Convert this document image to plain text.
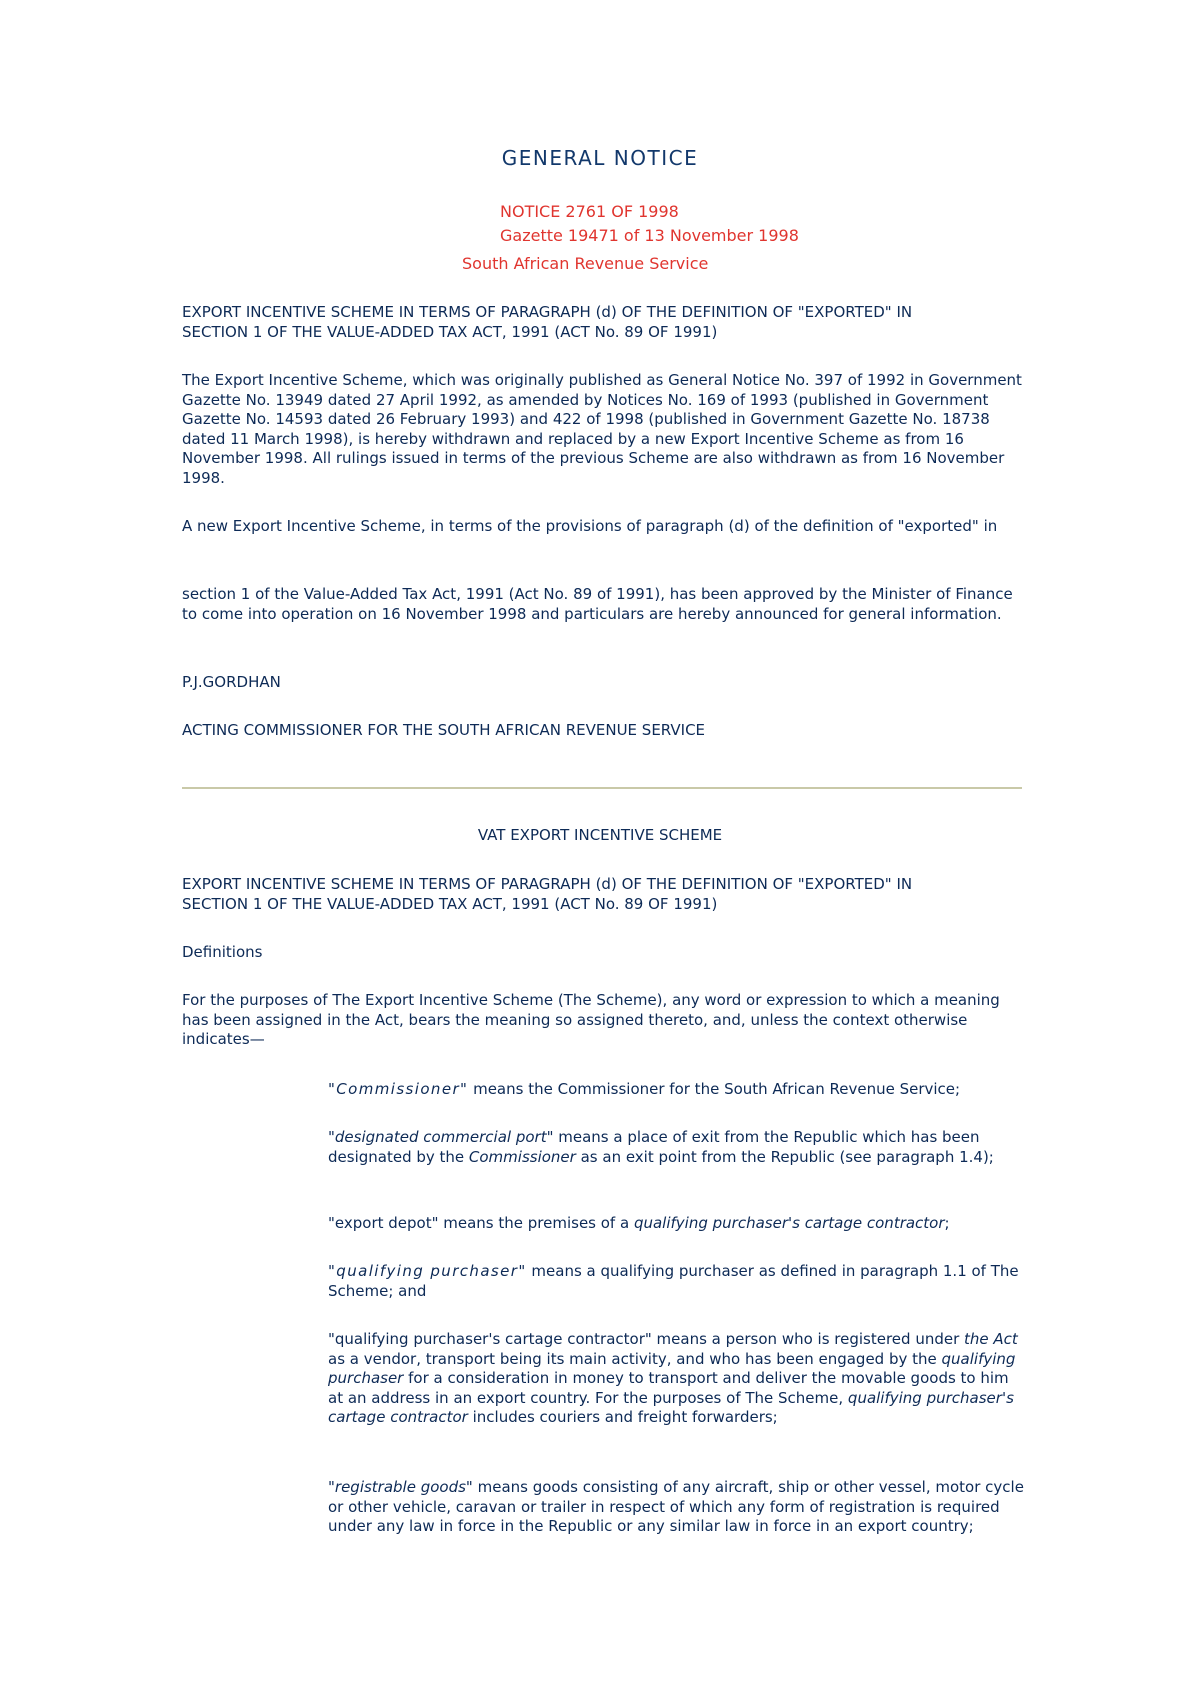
GENERAL NOTICE
NOTICE 2761 OF 1998
Gazette 19471 of 13 November 1998
South African Revenue Service

EXPORT INCENTIVE SCHEME IN TERMS OF PARAGRAPH (d) OF THE DEFINITION OF "EXPORTED" IN

SECTION 1 OF THE VALUE-ADDED TAX ACT, 1991 (ACT No. 89 OF 1991)

The Export Incentive Scheme, which was originally published as General Notice No. 397 of 1992 in Government Gazette No. 13949 dated 27 April 1992, as amended by Notices No. 169 of 1993 (published in Government Gazette No. 14593 dated 26 February 1993) and 422 of 1998 (published in Government Gazette No. 18738 dated 11 March 1998), is hereby withdrawn and replaced by a new Export Incentive Scheme as from 16 November 1998. All rulings issued in terms of the previous Scheme are also withdrawn as from 16 November 1998.

A new Export Incentive Scheme, in terms of the provisions of paragraph (d) of the definition of "exported" in

section 1 of the Value-Added Tax Act, 1991 (Act No. 89 of 1991), has been approved by the Minister of Finance to come into operation on 16 November 1998 and particulars are hereby announced for general information.

P.J.GORDHAN

ACTING COMMISSIONER FOR THE SOUTH AFRICAN REVENUE SERVICE

VAT EXPORT INCENTIVE SCHEME

EXPORT INCENTIVE SCHEME IN TERMS OF PARAGRAPH (d) OF THE DEFINITION OF "EXPORTED" IN

SECTION 1 OF THE VALUE-ADDED TAX ACT, 1991 (ACT No. 89 OF 1991)

Definitions

For the purposes of The Export Incentive Scheme (The Scheme), any word or expression to which a meaning has been assigned in the Act, bears the meaning so assigned thereto, and, unless the context otherwise indicates—

"Commissioner" means the Commissioner for the South African Revenue Service;

"designated commercial port" means a place of exit from the Republic which has been designated by the Commissioner as an exit point from the Republic (see paragraph 1.4);

"export depot" means the premises of a qualifying purchaser's cartage contractor;

"qualifying purchaser" means a qualifying purchaser as defined in paragraph 1.1 of The Scheme; and

"qualifying purchaser's cartage contractor" means a person who is registered under the Act as a vendor, transport being its main activity, and who has been engaged by the qualifying purchaser for a consideration in money to transport and deliver the movable goods to him at an address in an export country. For the purposes of The Scheme, qualifying purchaser's cartage contractor includes couriers and freight forwarders;

"registrable goods" means goods consisting of any aircraft, ship or other vessel, motor cycle or other vehicle, caravan or trailer in respect of which any form of registration is required under any law in force in the Republic or any similar law in force in an export country;
